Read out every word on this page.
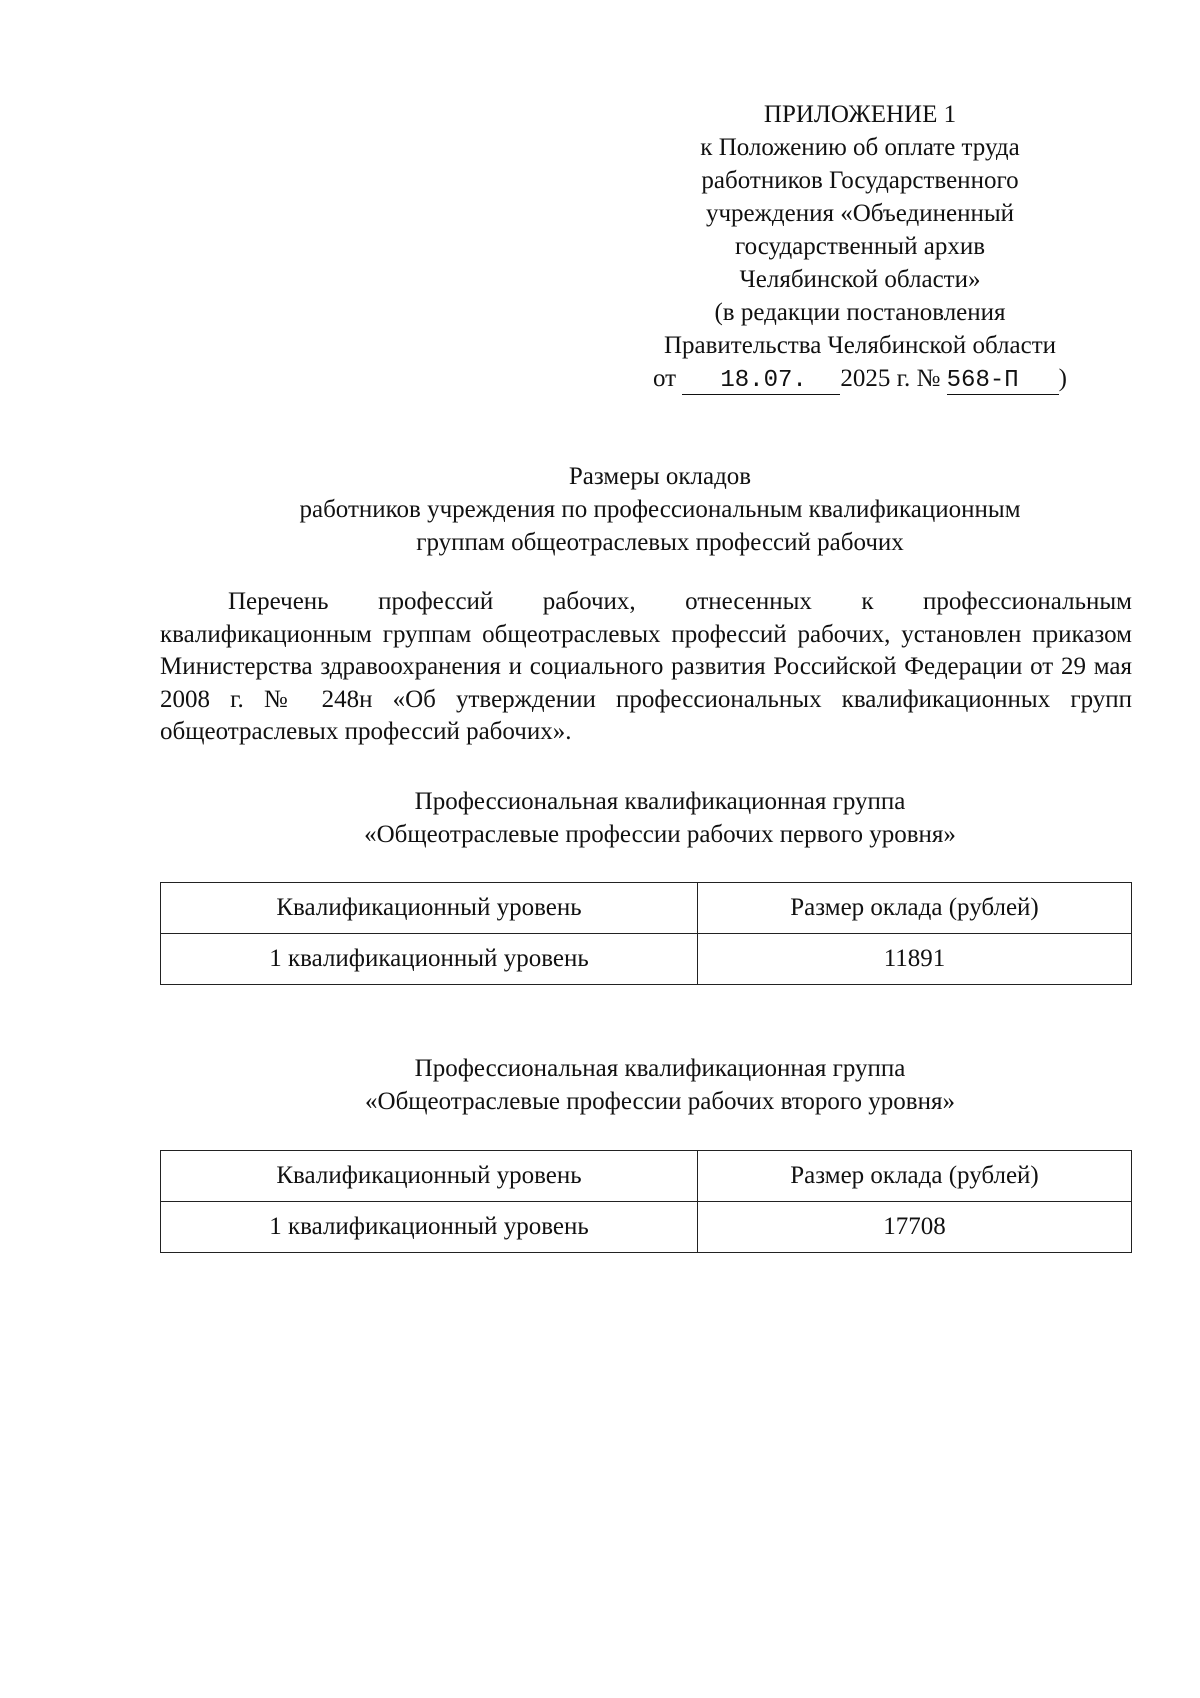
ПРИЛОЖЕНИЕ 1
к Положению об оплате труда
работников Государственного
учреждения «Объединенный
государственный архив
Челябинской области»
(в редакции постановления
Правительства Челябинской области
от 18.07. 2025 г. № 568-П )
Размеры окладов
работников учреждения по профессиональным квалификационным
группам общеотраслевых профессий рабочих
Перечень профессий рабочих, отнесенных к профессиональным квалификационным группам общеотраслевых профессий рабочих, установлен приказом Министерства здравоохранения и социального развития Российской Федерации от 29 мая 2008 г. № 248н «Об утверждении профессиональных квалификационных групп общеотраслевых профессий рабочих».
Профессиональная квалификационная группа
«Общеотраслевые профессии рабочих первого уровня»
Квалификационный уровень	Размер оклада (рублей)
1 квалификационный уровень	11891
Профессиональная квалификационная группа
«Общеотраслевые профессии рабочих второго уровня»
Квалификационный уровень	Размер оклада (рублей)
1 квалификационный уровень	17708
